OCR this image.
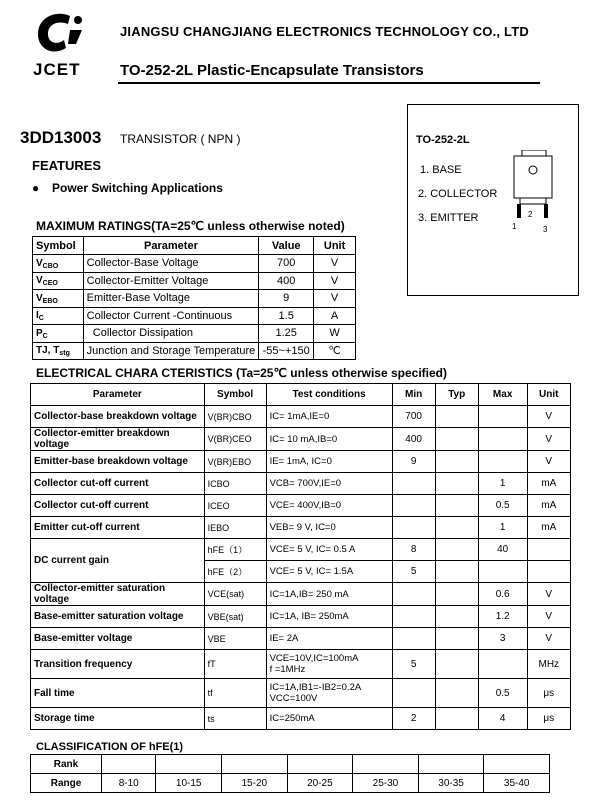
JCET
JIANGSU CHANGJIANG ELECTRONICS TECHNOLOGY CO., LTD
TO-252-2L Plastic-Encapsulate Transistors
3DD13003 TRANSISTOR ( NPN )
FEATURES
● Power Switching Applications
TO-252-2L
1. BASE
2. COLLECTOR
3. EMITTER
1
2
3
MAXIMUM RATINGS(TA=25℃ unless otherwise noted)
Symbol	Parameter	Value	Unit
$V_{CBO}$	Collector-Base Voltage	700	V
$V_{CEO}$	Collector-Emitter Voltage	400	V
$V_{EBO}$	Emitter-Base Voltage	9	V
$I_C$	Collector Current -Continuous	1.5	A
$P_C$	Collector Dissipation	1.25	W
TJ, $T_{stg}$	Junction and Storage Temperature	-55~+150	℃
ELECTRICAL CHARA CTERISTICS (Ta=25℃ unless otherwise specified)
Parameter	Symbol	Test conditions	Min	Typ	Max	Unit
Collector-base breakdown voltage	V(BR)CBO	IC= 1mA,IE=0	700			V
Collector-emitter breakdown voltage	V(BR)CEO	IC= 10 mA,IB=0	400			V
Emitter-base breakdown voltage	V(BR)EBO	IE= 1mA, IC=0	9			V
Collector cut-off current	ICBO	VCB= 700V,IE=0			1	mA
Collector cut-off current	ICEO	VCE= 400V,IB=0			0.5	mA
Emitter cut-off current	IEBO	VEB= 9 V, IC=0			1	mA
DC current gain	hFE（1）	VCE= 5 V, IC= 0.5 A	8		40	
	hFE（2）	VCE= 5 V, IC= 1.5A	5			
Collector-emitter saturation voltage	VCE(sat)	IC=1A,IB= 250 mA			0.6	V
Base-emitter saturation voltage	VBE(sat)	IC=1A, IB= 250mA			1.2	V
Base-emitter voltage	VBE	IE= 2A			3	V
Transition frequency	fT	VCE=10V,IC=100mA
f =1MHz	5			MHz
Fall time	tf	IC=1A,IB1=-IB2=0.2A
VCC=100V			0.5	μs
Storage time	ts	IC=250mA	2		4	μs
CLASSIFICATION OF hFE(1)
Rank							
Range	8-10	10-15	15-20	20-25	25-30	30-35	35-40
